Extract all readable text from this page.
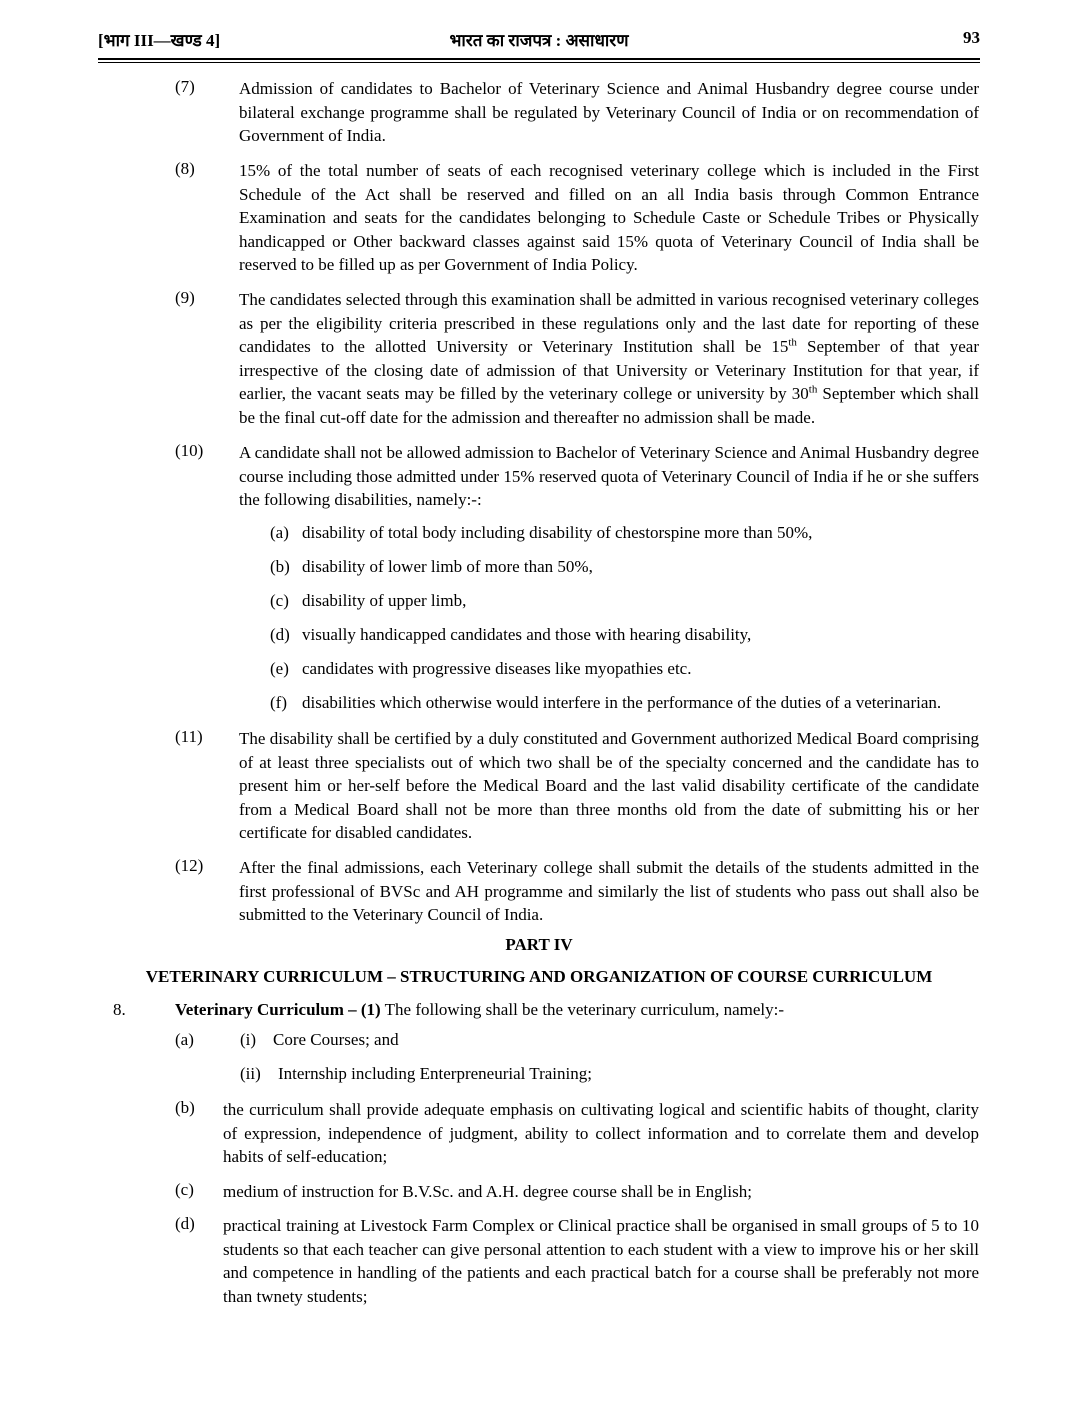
[भाग III—खण्ड 4]	भारत का राजपत्र : असाधारण	93
(7)	Admission of candidates to Bachelor of Veterinary Science and Animal Husbandry degree course under bilateral exchange programme shall be regulated by Veterinary Council of India or on recommendation of Government of India.
(8)	15% of the total number of seats of each recognised veterinary college which is included in the First Schedule of the Act shall be reserved and filled on an all India basis through Common Entrance Examination and seats for the candidates belonging to Schedule Caste or Schedule Tribes or Physically handicapped or Other backward classes against said 15% quota of Veterinary Council of India shall be reserved to be filled up as per Government of India Policy.
(9)	The candidates selected through this examination shall be admitted in various recognised veterinary colleges as per the eligibility criteria prescribed in these regulations only and the last date for reporting of these candidates to the allotted University or Veterinary Institution shall be 15th September of that year irrespective of the closing date of admission of that University or Veterinary Institution for that year, if earlier, the vacant seats may be filled by the veterinary college or university by 30th September which shall be the final cut-off date for the admission and thereafter no admission shall be made.
(10) A candidate shall not be allowed admission to Bachelor of Veterinary Science and Animal Husbandry degree course including those admitted under 15% reserved quota of Veterinary Council of India if he or she suffers the following disabilities, namely:-:
(a) disability of total body including disability of chestorspine more than 50%,
(b) disability of lower limb of more than 50%,
(c) disability of upper limb,
(d) visually handicapped candidates and those with hearing disability,
(e) candidates with progressive diseases like myopathies etc.
(f) disabilities which otherwise would interfere in the performance of the duties of a veterinarian.
(11) The disability shall be certified by a duly constituted and Government authorized Medical Board comprising of at least three specialists out of which two shall be of the specialty concerned and the candidate has to present him or her-self before the Medical Board and the last valid disability certificate of the candidate from a Medical Board shall not be more than three months old from the date of submitting his or her certificate for disabled candidates.
(12) After the final admissions, each Veterinary college shall submit the details of the students admitted in the first professional of BVSc and AH programme and similarly the list of students who pass out shall also be submitted to the Veterinary Council of India.
PART IV
VETERINARY CURRICULUM – STRUCTURING AND ORGANIZATION OF COURSE CURRICULUM
8.	Veterinary Curriculum – (1) The following shall be the veterinary curriculum, namely:-
(a)	(i) Core Courses; and
(ii) Internship including Enterpreneurial Training;
(b) the curriculum shall provide adequate emphasis on cultivating logical and scientific habits of thought, clarity of expression, independence of judgment, ability to collect information and to correlate them and develop habits of self-education;
(c) medium of instruction for B.V.Sc. and A.H. degree course shall be in English;
(d) practical training at Livestock Farm Complex or Clinical practice shall be organised in small groups of 5 to 10 students so that each teacher can give personal attention to each student with a view to improve his or her skill and competence in handling of the patients and each practical batch for a course shall be preferably not more than twnety students;
